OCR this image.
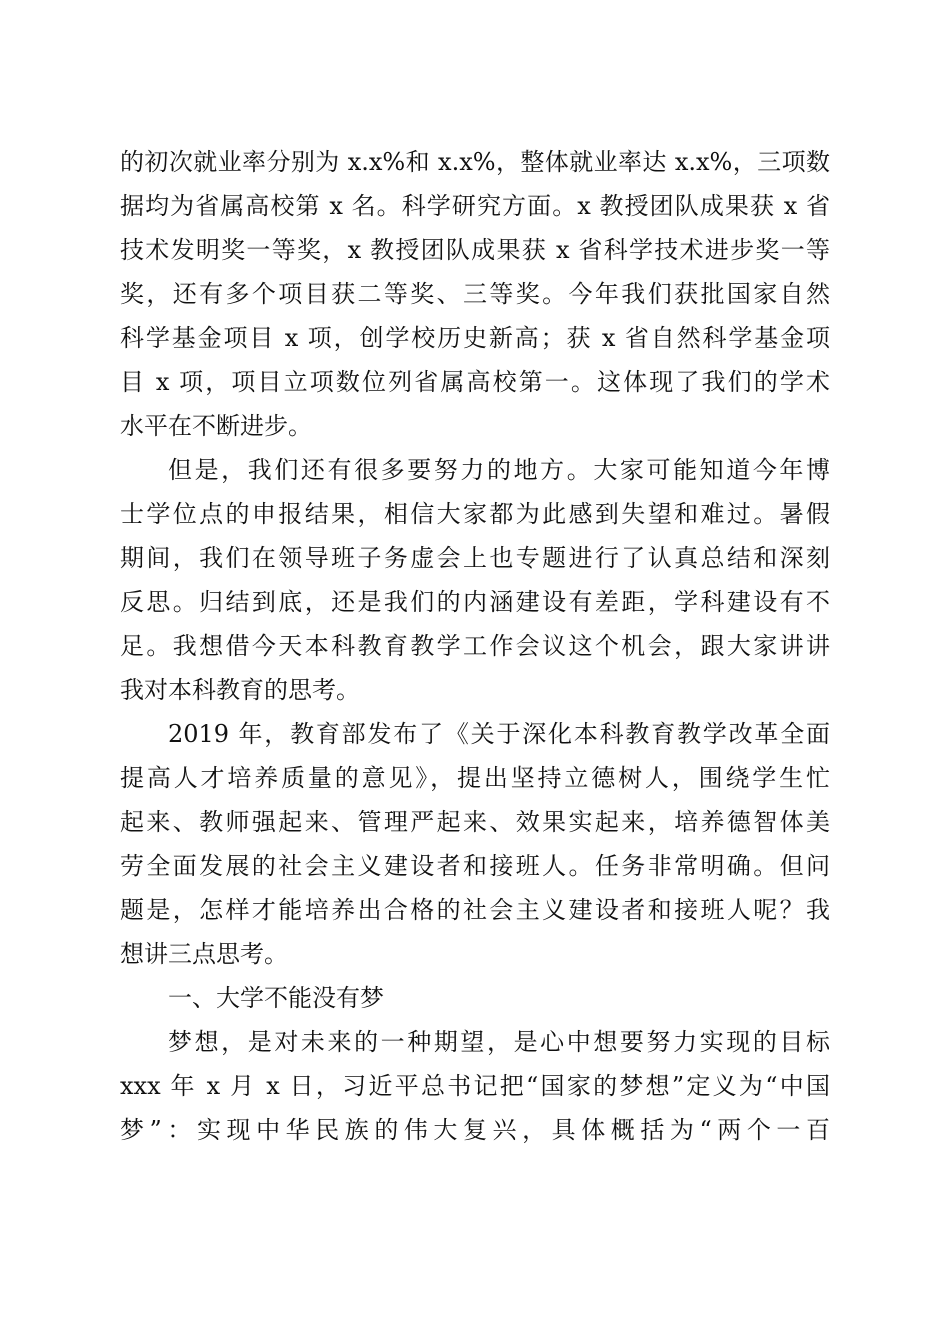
的初次就业率分别为 x.x%和 x.x%，整体就业率达 x.x%，三项数
据均为省属高校第 x 名。科学研究方面。x 教授团队成果获 x 省
技术发明奖一等奖，x 教授团队成果获 x 省科学技术进步奖一等
奖，还有多个项目获二等奖、三等奖。今年我们获批国家自然
科学基金项目 x 项，创学校历史新高；获 x 省自然科学基金项
目 x 项，项目立项数位列省属高校第一。这体现了我们的学术
水平在不断进步。
但是，我们还有很多要努力的地方。大家可能知道今年博
士学位点的申报结果，相信大家都为此感到失望和难过。暑假
期间，我们在领导班子务虚会上也专题进行了认真总结和深刻
反思。归结到底，还是我们的内涵建设有差距，学科建设有不
足。我想借今天本科教育教学工作会议这个机会，跟大家讲讲
我对本科教育的思考。
2019 年，教育部发布了《关于深化本科教育教学改革全面
提高人才培养质量的意见》，提出坚持立德树人，围绕学生忙
起来、教师强起来、管理严起来、效果实起来，培养德智体美
劳全面发展的社会主义建设者和接班人。任务非常明确。但问
题是，怎样才能培养出合格的社会主义建设者和接班人呢？我
想讲三点思考。
一、大学不能没有梦
梦想，是对未来的一种期望，是心中想要努力实现的目标
xxx 年 x 月 x 日，习近平总书记把“国家的梦想”定义为“中国
梦”：实现中华民族的伟大复兴，具体概括为“两个一百
